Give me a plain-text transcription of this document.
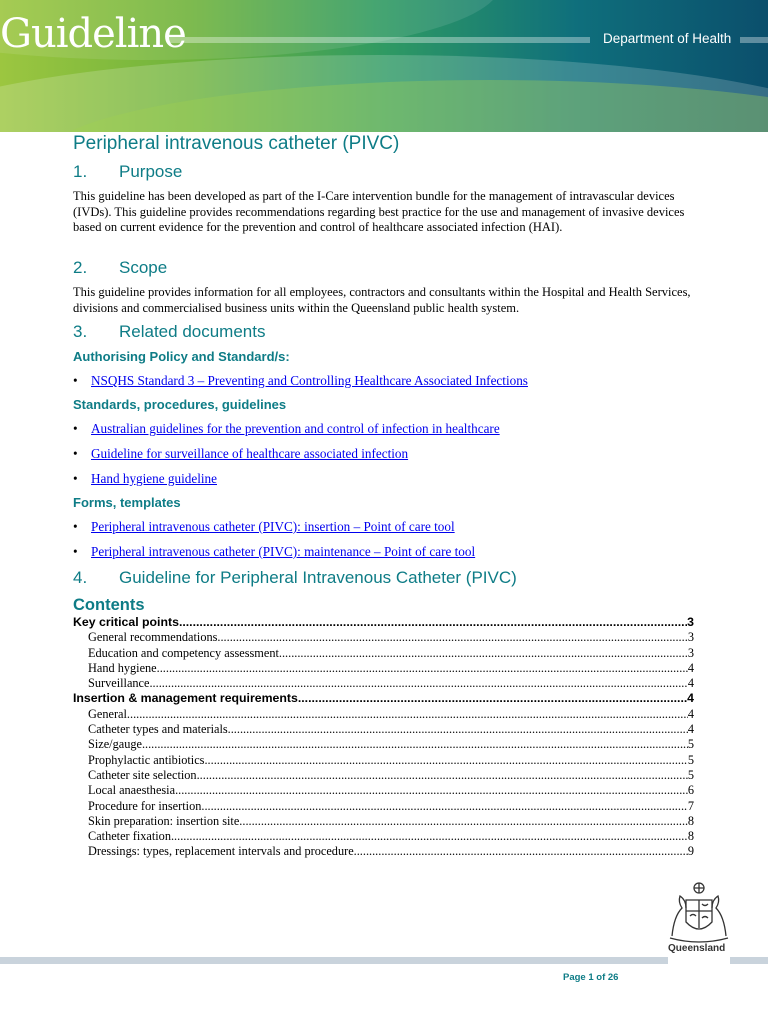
Guideline	Department of Health
Peripheral intravenous catheter (PIVC)
1. Purpose

This guideline has been developed as part of the I-Care intervention bundle for the management of intravascular devices (IVDs). This guideline provides recommendations regarding best practice for the use and management of invasive devices based on current evidence for the prevention and control of healthcare associated infection (HAI).

2. Scope

This guideline provides information for all employees, contractors and consultants within the Hospital and Health Services, divisions and commercialised business units within the Queensland public health system.

3. Related documents
Authorising Policy and Standard/s:
• NSQHS Standard 3 – Preventing and Controlling Healthcare Associated Infections
Standards, procedures, guidelines
• Australian guidelines for the prevention and control of infection in healthcare
• Guideline for surveillance of healthcare associated infection
• Hand hygiene guideline
Forms, templates
• Peripheral intravenous catheter (PIVC): insertion – Point of care tool
• Peripheral intravenous catheter (PIVC): maintenance – Point of care tool
4. Guideline for Peripheral Intravenous Catheter (PIVC)
Contents
Key critical points .....	3
General recommendations .....	3
Education and competency assessment .....	3
Hand hygiene .....	4
Surveillance .....	4
Insertion & management requirements .....	4
General .....	4
Catheter types and materials .....	4
Size/gauge .....	5
Prophylactic antibiotics .....	5
Catheter site selection .....	5
Local anaesthesia .....	6
Procedure for insertion .....	7
Skin preparation: insertion site .....	8
Catheter fixation .....	8
Dressings: types, replacement intervals and procedure .....	9
Queensland
Page 1 of 26
